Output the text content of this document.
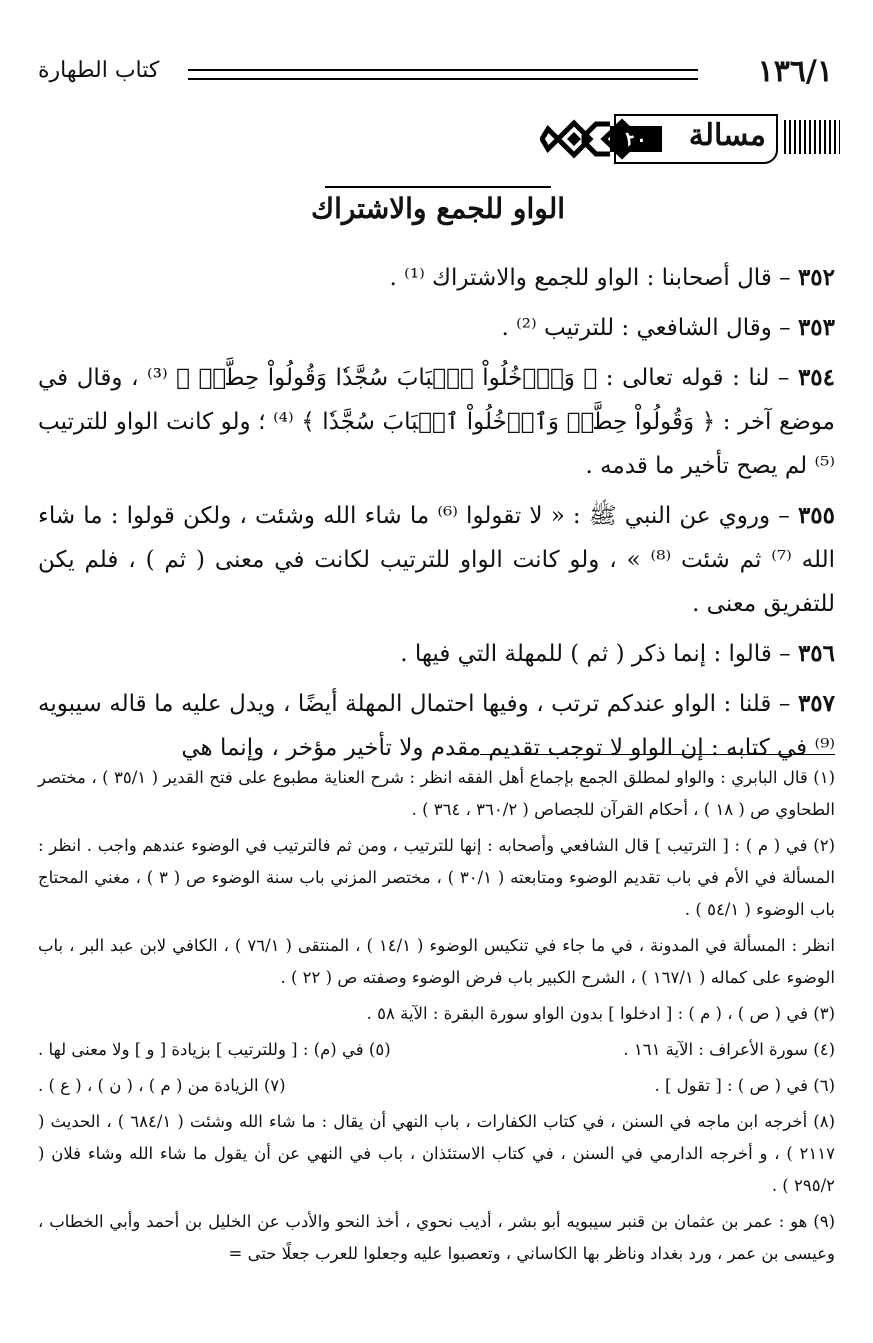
١٣٦/١
كتاب الطهارة
مسالة
٢٠
الواو للجمع والاشتراك

٣٥٢ – قال أصحابنا : الواو للجمع والاشتراك ⁽¹⁾ .

٣٥٣ – وقال الشافعي : للترتيب ⁽²⁾ .

٣٥٤ – لنا : قوله تعالى : ﴿ وَٱدۡخُلُواْ ٱلۡبَابَ سُجَّدٗا وَقُولُواْ حِطَّةٞ ﴾ ⁽³⁾ ، وقال في موضع آخر : ﴿ وَقُولُواْ حِطَّةٞ وَٱدۡخُلُواْ ٱلۡبَابَ سُجَّدٗا ﴾ ⁽⁴⁾ ؛ ولو كانت الواو للترتيب ⁽⁵⁾ لم يصح تأخير ما قدمه .

٣٥٥ – وروي عن النبي ﷺ : « لا تقولوا ⁽⁶⁾ ما شاء الله وشئت ، ولكن قولوا : ما شاء الله ⁽⁷⁾ ثم شئت ⁽⁸⁾ » ، ولو كانت الواو للترتيب لكانت في معنى ( ثم ) ، فلم يكن للتفريق معنى .

٣٥٦ – قالوا : إنما ذكر ( ثم ) للمهلة التي فيها .

٣٥٧ – قلنا : الواو عندكم ترتب ، وفيها احتمال المهلة أيضًا ، ويدل عليه ما قاله سيبويه ⁽⁹⁾ في كتابه : إن الواو لا توجب تقديم مقدم ولا تأخير مؤخر ، وإنما هي

(١) قال البابري : والواو لمطلق الجمع بإجماع أهل الفقه انظر : شرح العناية مطبوع على فتح القدير ( ٣٥/١ ) ، مختصر الطحاوي ص ( ١٨ ) ، أحكام القرآن للجصاص ( ٣٦٠/٢ ، ٣٦٤ ) .

(٢) في ( م ) : [ الترتيب ] قال الشافعي وأصحابه : إنها للترتيب ، ومن ثم فالترتيب في الوضوء عندهم واجب . انظر : المسألة في الأم في باب تقديم الوضوء ومتابعته ( ٣٠/١ ) ، مختصر المزني باب سنة الوضوء ص ( ٣ ) ، مغني المحتاج باب الوضوء ( ٥٤/١ ) .

انظر : المسألة في المدونة ، في ما جاء في تنكيس الوضوء ( ١٤/١ ) ، المنتقى ( ٧٦/١ ) ، الكافي لابن عبد البر ، باب الوضوء على كماله ( ١٦٧/١ ) ، الشرح الكبير باب فرض الوضوء وصفته ص ( ٢٢ ) .

(٣) في ( ص ) ، ( م ) : [ ادخلوا ] بدون الواو سورة البقرة : الآية ٥٨ .

(٤) سورة الأعراف : الآية ١٦١ .
(٥) في (م) : [ وللترتيب ] بزيادة [ و ] ولا معنى لها .
(٦) في ( ص ) : [ تقول ] .
(٧) الزيادة من ( م ) ، ( ن ) ، ( ع ) .

(٨) أخرجه ابن ماجه في السنن ، في كتاب الكفارات ، باب النهي أن يقال : ما شاء الله وشئت ( ٦٨٤/١ ) ، الحديث ( ٢١١٧ ) ، و أخرجه الدارمي في السنن ، في كتاب الاستئذان ، باب في النهي عن أن يقول ما شاء الله وشاء فلان ( ٢٩٥/٢ ) .

(٩) هو : عمر بن عثمان بن قنبر سيبويه أبو بشر ، أديب نحوي ، أخذ النحو والأدب عن الخليل بن أحمد وأبي الخطاب ، وعيسى بن عمر ، ورد بغداد وناظر بها الكاساني ، وتعصبوا عليه وجعلوا للعرب جعلًا حتى =
